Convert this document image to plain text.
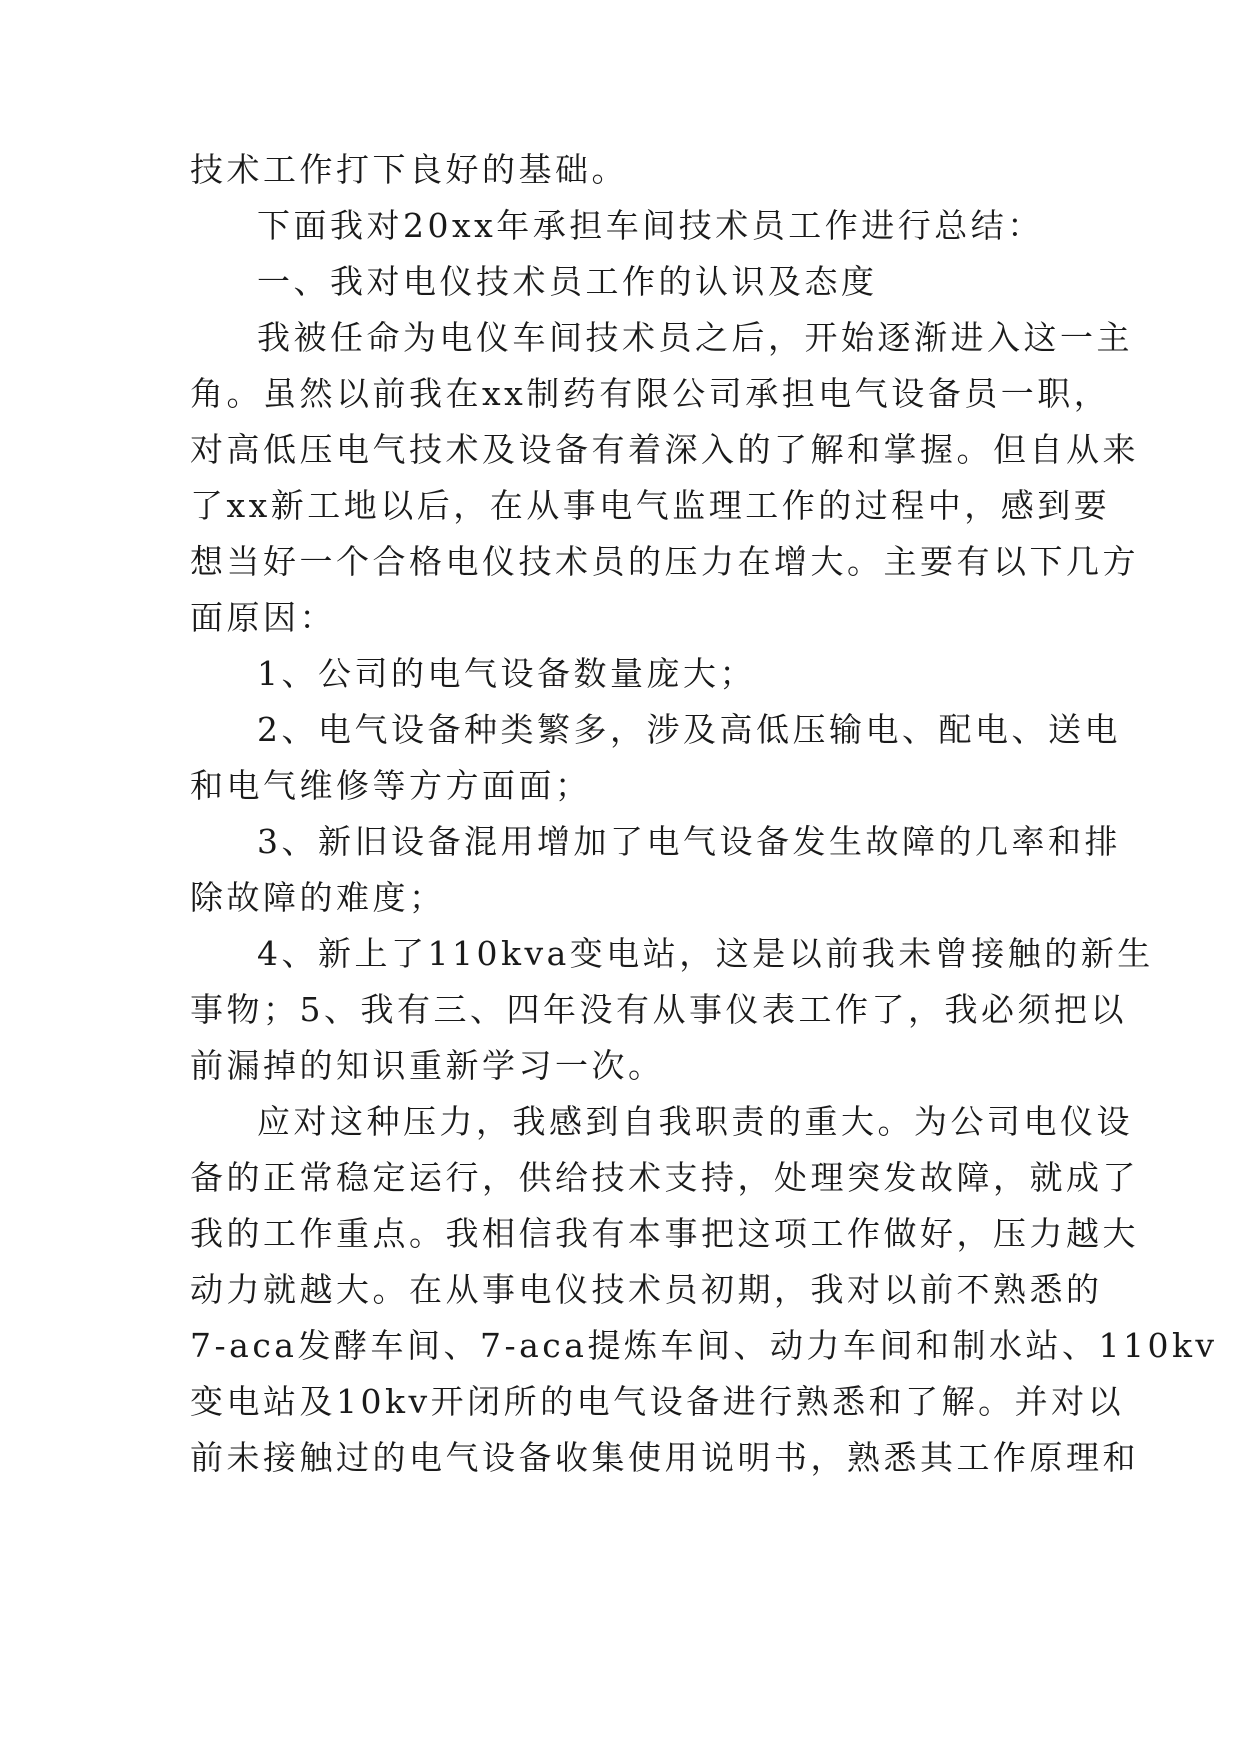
技术工作打下良好的基础。
下面我对20xx年承担车间技术员工作进行总结：
一、我对电仪技术员工作的认识及态度
我被任命为电仪车间技术员之后，开始逐渐进入这一主
角。虽然以前我在xx制药有限公司承担电气设备员一职，
对高低压电气技术及设备有着深入的了解和掌握。但自从来
了xx新工地以后，在从事电气监理工作的过程中，感到要
想当好一个合格电仪技术员的压力在增大。主要有以下几方
面原因：
1、公司的电气设备数量庞大；
2、电气设备种类繁多，涉及高低压输电、配电、送电
和电气维修等方方面面；
3、新旧设备混用增加了电气设备发生故障的几率和排
除故障的难度；
4、新上了110kva变电站，这是以前我未曾接触的新生
事物；5、我有三、四年没有从事仪表工作了，我必须把以
前漏掉的知识重新学习一次。
应对这种压力，我感到自我职责的重大。为公司电仪设
备的正常稳定运行，供给技术支持，处理突发故障，就成了
我的工作重点。我相信我有本事把这项工作做好，压力越大
动力就越大。在从事电仪技术员初期，我对以前不熟悉的
7-aca发酵车间、7-aca提炼车间、动力车间和制水站、110kv
变电站及10kv开闭所的电气设备进行熟悉和了解。并对以
前未接触过的电气设备收集使用说明书，熟悉其工作原理和
